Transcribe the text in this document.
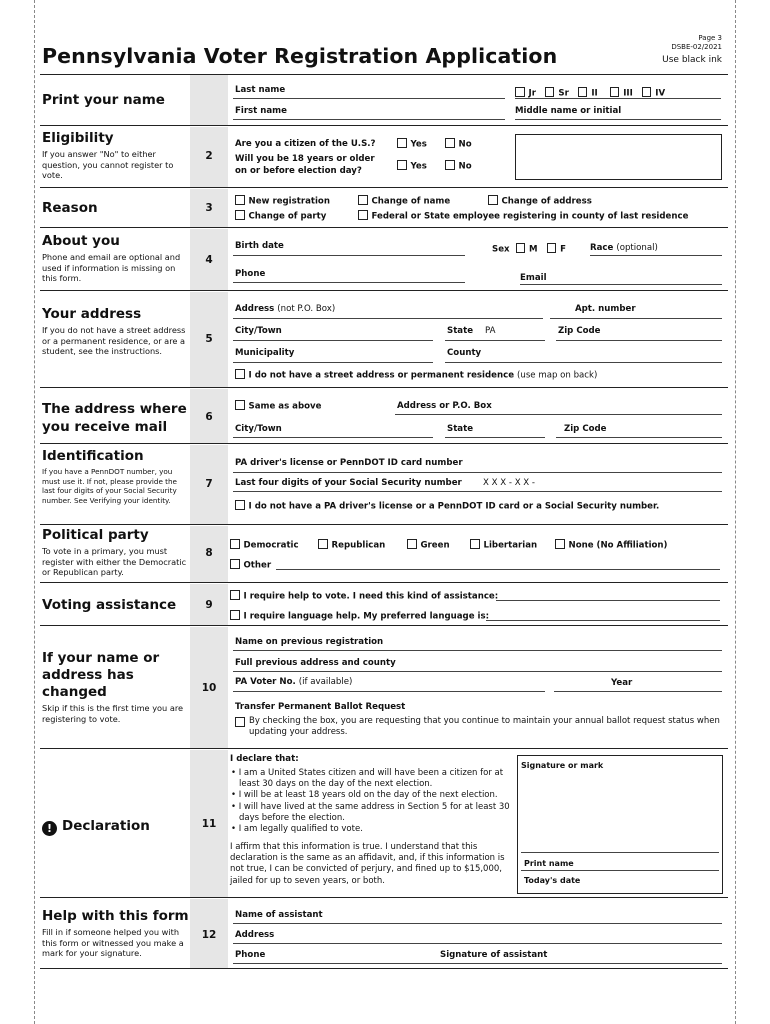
Pennsylvania Voter Registration Application
Page 3
DSBE-02/2021
Use black ink
Print your name
Last name	Jr	Sr	II	III	IV
First name	Middle name or initial
Eligibility
If you answer "No" to either question, you cannot register to vote.
2
Are you a citizen of the U.S.?
Will you be 18 years or older
on or before election day?
Yes	No
Yes	No
Reason	3
New registration
Change of party
Change of name
Federal or State employee registering in county of last residence
Change of address
About you
Phone and email are optional and used if information is missing on this form.
4
Birth date	Sex M	F	Race (optional)
Phone	Email
Your address
If you do not have a street address or a permanent residence, or are a student, see the instructions.
5
Address (not P.O. Box)	Apt. number
City/Town	State PA	Zip Code
Municipality	County
I do not have a street address or permanent residence (use map on back)
The address where you receive mail
6
Same as above	Address or P.O. Box
City/Town	State	Zip Code
Identification
If you have a PennDOT number, you must use it. If not, please provide the last four digits of your Social Security number. See Verifying your identity.
7
PA driver's license or PennDOT ID card number
Last four digits of your Social Security number X X X - X X -
I do not have a PA driver's license or a PennDOT ID card or a Social Security number.
Political party
To vote in a primary, you must register with either the Democratic or Republican party.
8
Democratic	Republican	Green	Libertarian	None (No Affiliation)
Other
Voting assistance	9
I require help to vote. I need this kind of assistance:
I require language help. My preferred language is:
If your name or address has changed
Skip if this is the first time you are registering to vote.
10
Name on previous registration
Full previous address and county
PA Voter No. (if available)	Year
Transfer Permanent Ballot Request
By checking the box, you are requesting that you continue to maintain your annual ballot request status when updating your address.
! Declaration	11
I declare that:
• I am a United States citizen and will have been a citizen for at least 30 days on the day of the next election.
• I will be at least 18 years old on the day of the next election.
• I will have lived at the same address in Section 5 for at least 30 days before the election.
• I am legally qualified to vote.
I affirm that this information is true. I understand that this declaration is the same as an affidavit, and, if this information is not true, I can be convicted of perjury, and fined up to $15,000, jailed for up to seven years, or both.
Signature or mark
Print name
Today's date
Help with this form
Fill in if someone helped you with this form or witnessed you make a mark for your signature.
12
Name of assistant
Address
Phone	Signature of assistant
